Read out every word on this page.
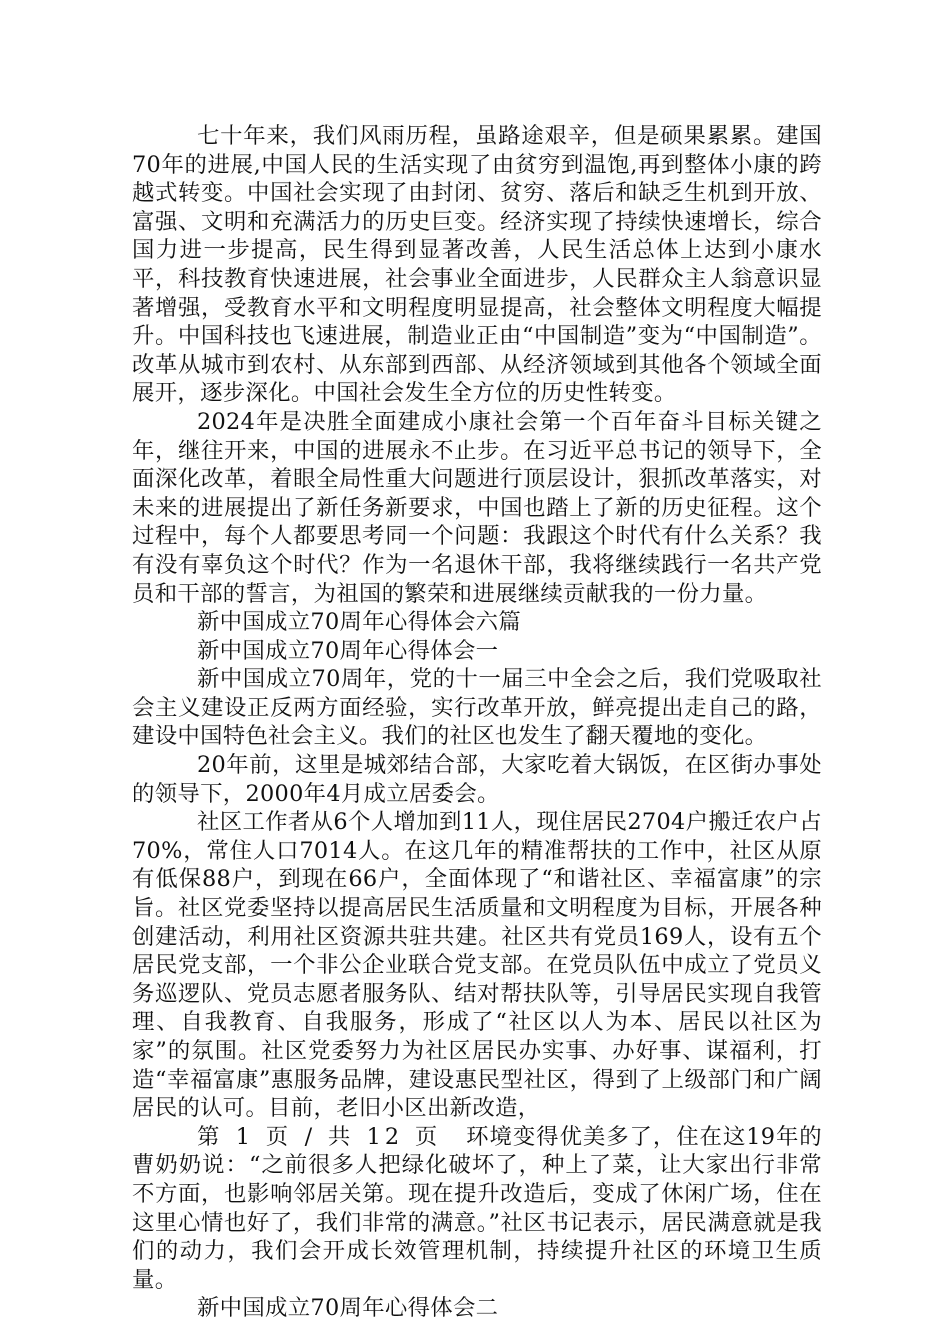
七十年来，我们风雨历程，虽路途艰辛，但是硕果累累。建国70年的进展,中国人民的生活实现了由贫穷到温饱,再到整体小康的跨越式转变。中国社会实现了由封闭、贫穷、落后和缺乏生机到开放、富强、文明和充满活力的历史巨变。经济实现了持续快速增长，综合国力进一步提高，民生得到显著改善，人民生活总体上达到小康水平，科技教育快速进展，社会事业全面进步，人民群众主人翁意识显著增强，受教育水平和文明程度明显提高，社会整体文明程度大幅提升。中国科技也飞速进展，制造业正由“中国制造”变为“中国制造”。改革从城市到农村、从东部到西部、从经济领域到其他各个领域全面展开，逐步深化。中国社会发生全方位的历史性转变。

2024年是决胜全面建成小康社会第一个百年奋斗目标关键之年，继往开来，中国的进展永不止步。在习近平总书记的领导下，全面深化改革，着眼全局性重大问题进行顶层设计，狠抓改革落实，对未来的进展提出了新任务新要求，中国也踏上了新的历史征程。这个过程中，每个人都要思考同一个问题：我跟这个时代有什么关系？我有没有辜负这个时代？作为一名退休干部，我将继续践行一名共产党员和干部的誓言，为祖国的繁荣和进展继续贡献我的一份力量。

新中国成立70周年心得体会六篇

新中国成立70周年心得体会一

新中国成立70周年，党的十一届三中全会之后，我们党吸取社会主义建设正反两方面经验，实行改革开放，鲜亮提出走自己的路，建设中国特色社会主义。我们的社区也发生了翻天覆地的变化。

20年前，这里是城郊结合部，大家吃着大锅饭，在区街办事处的领导下，2000年4月成立居委会。

社区工作者从6个人增加到11人，现住居民2704户搬迁农户占70%，常住人口7014人。在这几年的精准帮扶的工作中，社区从原有低保88户，到现在66户，全面体现了“和谐社区、幸福富康”的宗旨。社区党委坚持以提高居民生活质量和文明程度为目标，开展各种创建活动，利用社区资源共驻共建。社区共有党员169人，设有五个居民党支部，一个非公企业联合党支部。在党员队伍中成立了党员义务巡逻队、党员志愿者服务队、结对帮扶队等，引导居民实现自我管理、自我教育、自我服务，形成了“社区以人为本、居民以社区为家”的氛围。社区党委努力为社区居民办实事、办好事、谋福利，打造“幸福富康”惠服务品牌，建设惠民型社区，得到了上级部门和广阔居民的认可。目前，老旧小区出新改造，

第 1 页 / 共 12 页 环境变得优美多了，住在这19年的曹奶奶说：“之前很多人把绿化破坏了，种上了菜，让大家出行非常不方面，也影响邻居关第。现在提升改造后，变成了休闲广场，住在这里心情也好了，我们非常的满意。”社区书记表示，居民满意就是我们的动力，我们会开成长效管理机制，持续提升社区的环境卫生质量。

新中国成立70周年心得体会二
